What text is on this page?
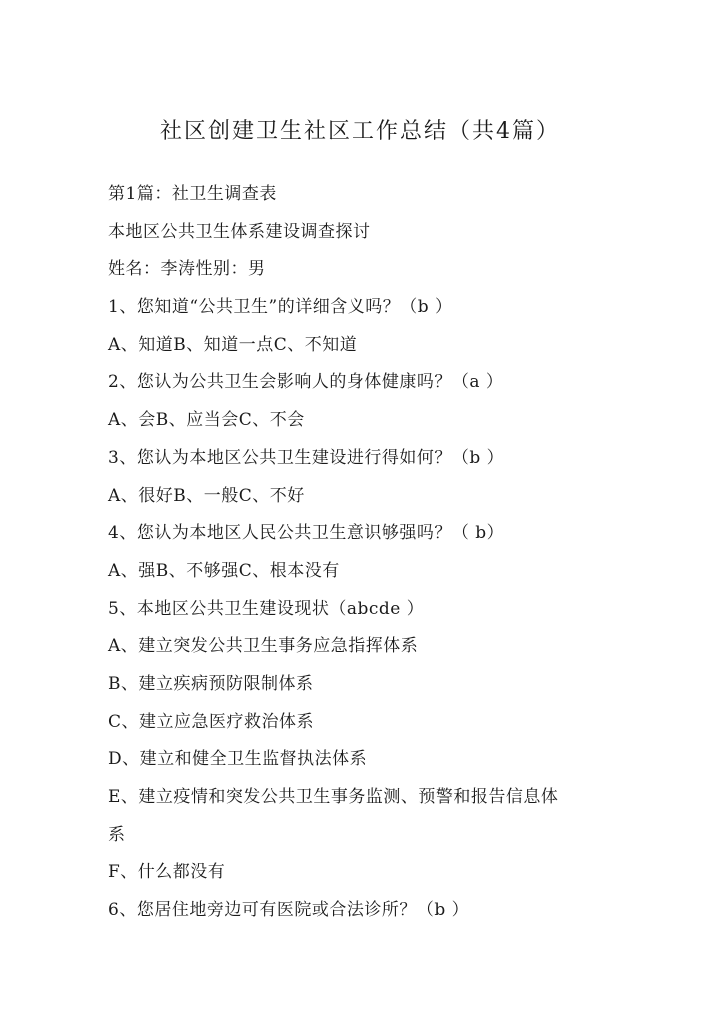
社区创建卫生社区工作总结（共4篇）
第1篇：社卫生调查表
本地区公共卫生体系建设调查探讨
姓名：李涛性别：男
1、您知道“公共卫生”的详细含义吗？（b ）
A、知道B、知道一点C、不知道
2、您认为公共卫生会影响人的身体健康吗？（a ）
A、会B、应当会C、不会
3、您认为本地区公共卫生建设进行得如何？（b ）
A、很好B、一般C、不好
4、您认为本地区人民公共卫生意识够强吗？（ b）
A、强B、不够强C、根本没有
5、本地区公共卫生建设现状（abcde ）
A、建立突发公共卫生事务应急指挥体系
B、建立疾病预防限制体系
C、建立应急医疗救治体系
D、建立和健全卫生监督执法体系
E、建立疫情和突发公共卫生事务监测、预警和报告信息体
系
F、什么都没有
6、您居住地旁边可有医院或合法诊所？（b ）
